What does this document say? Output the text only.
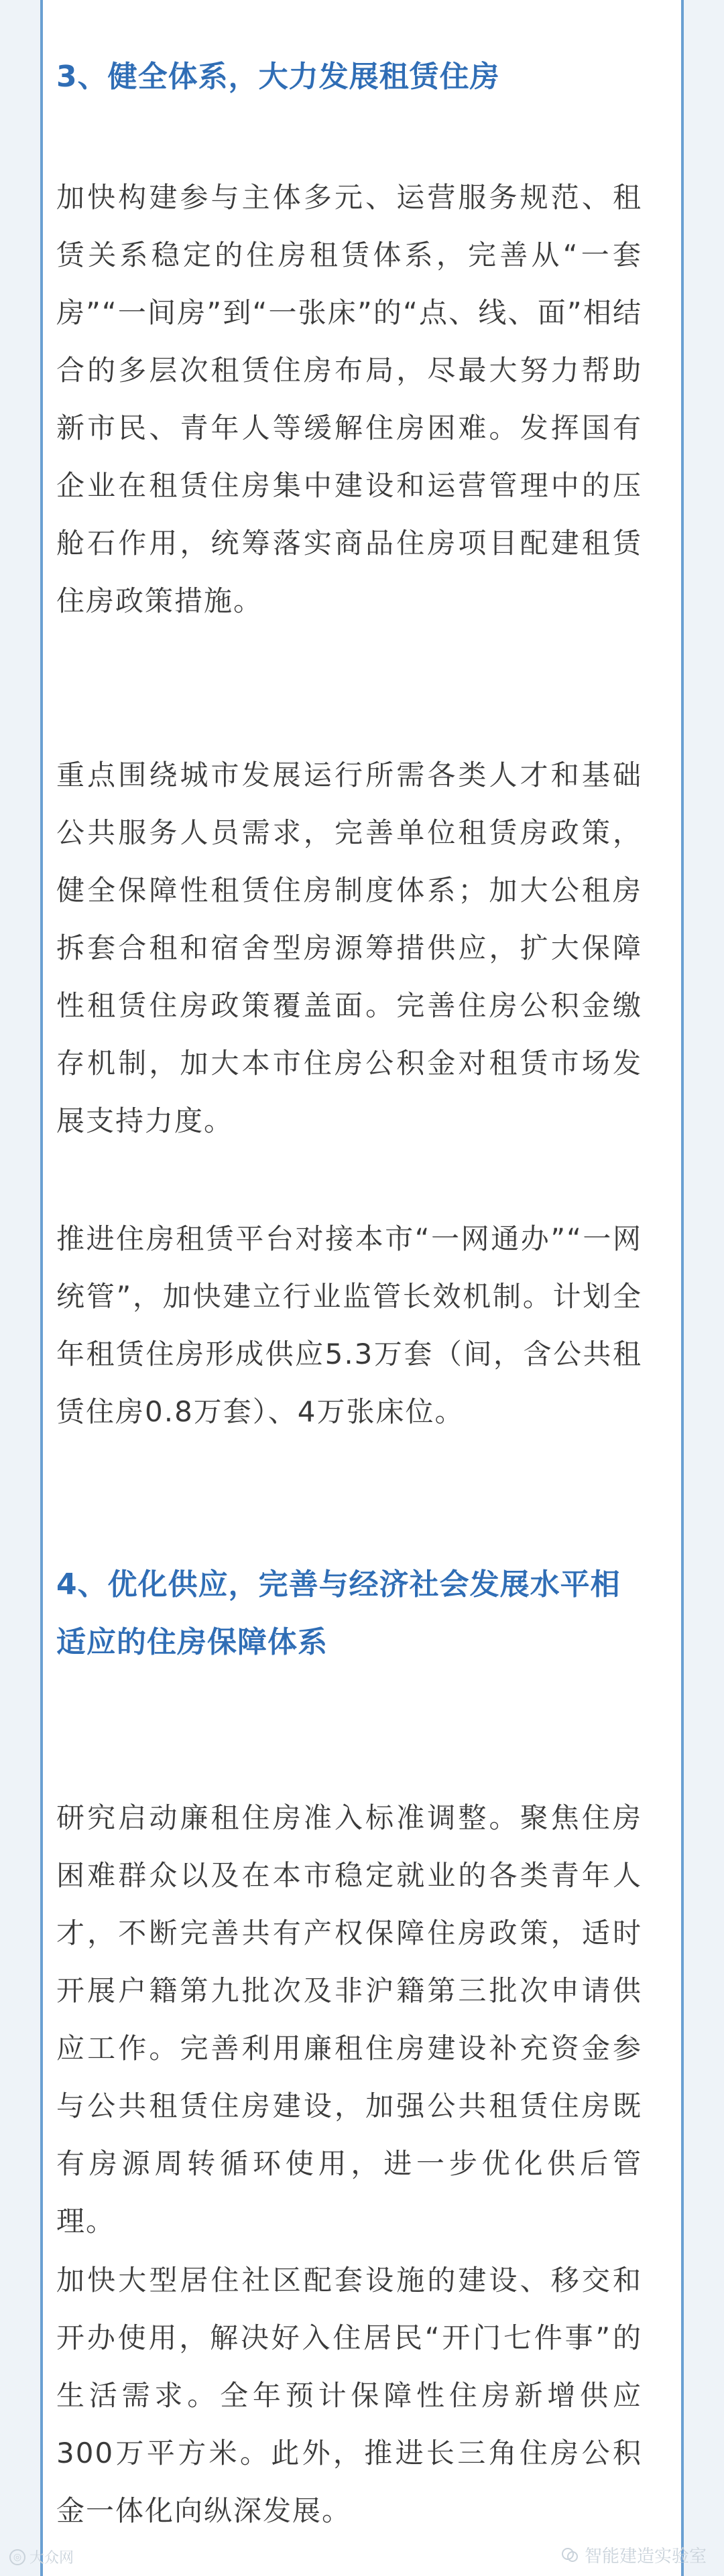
3、健全体系，大力发展租赁住房

加快构建参与主体多元、运营服务规范、租赁关系稳定的住房租赁体系，完善从“一套房”“一间房”到“一张床”的“点、线、面”相结合的多层次租赁住房布局，尽最大努力帮助新市民、青年人等缓解住房困难。发挥国有企业在租赁住房集中建设和运营管理中的压舱石作用，统筹落实商品住房项目配建租赁住房政策措施。

重点围绕城市发展运行所需各类人才和基础公共服务人员需求，完善单位租赁房政策，健全保障性租赁住房制度体系；加大公租房拆套合租和宿舍型房源筹措供应，扩大保障性租赁住房政策覆盖面。完善住房公积金缴存机制，加大本市住房公积金对租赁市场发展支持力度。

推进住房租赁平台对接本市“一网通办”“一网统管”，加快建立行业监管长效机制。计划全年租赁住房形成供应5.3万套（间，含公共租赁住房0.8万套）、4万张床位。

4、优化供应，完善与经济社会发展水平相适应的住房保障体系

研究启动廉租住房准入标准调整。聚焦住房困难群众以及在本市稳定就业的各类青年人才，不断完善共有产权保障住房政策，适时开展户籍第九批次及非沪籍第三批次申请供应工作。完善利用廉租住房建设补充资金参与公共租赁住房建设，加强公共租赁住房既有房源周转循环使用，进一步优化供后管理。

加快大型居住社区配套设施的建设、移交和开办使用，解决好入住居民“开门七件事”的生活需求。全年预计保障性住房新增供应300万平方米。此外，推进长三角住房公积金一体化向纵深发展。

◎ 大众网	智能建造实验室
